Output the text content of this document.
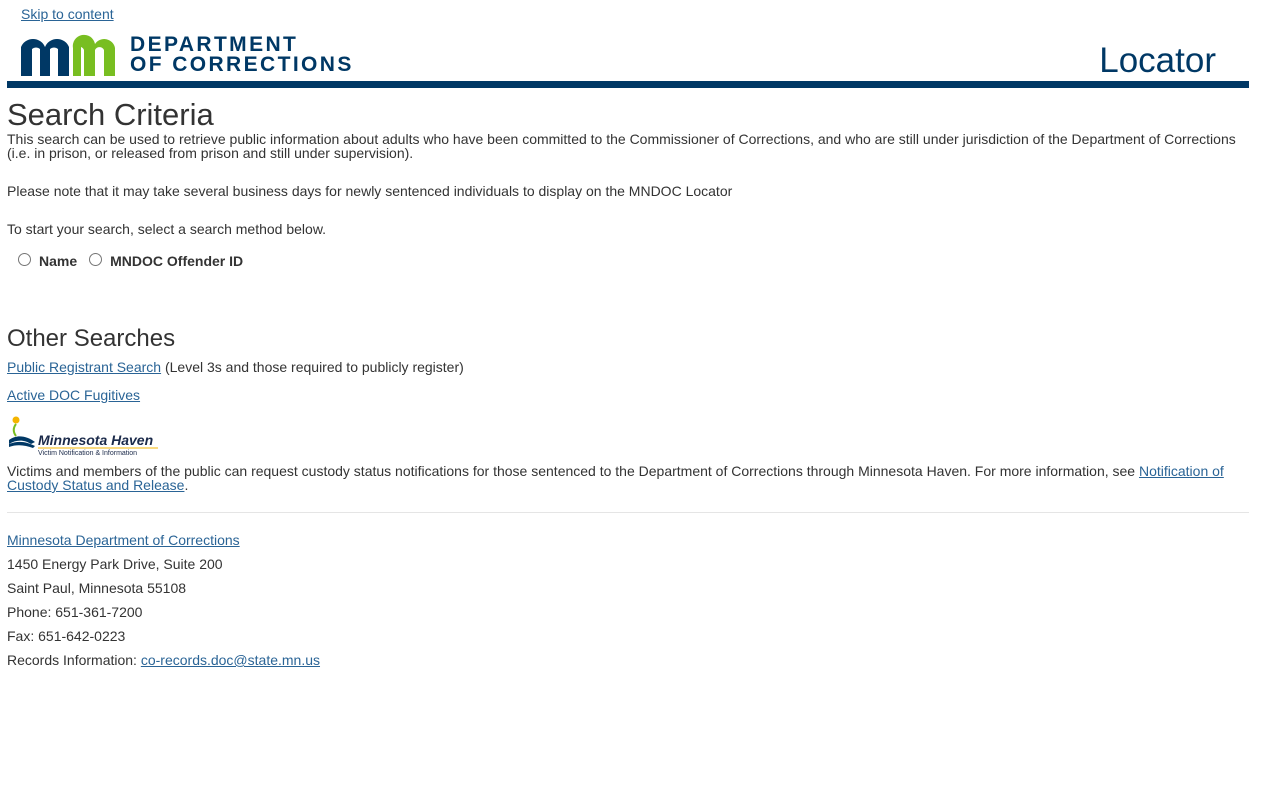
Skip to content
DEPARTMENT
OF CORRECTIONS	Locator
Search Criteria

This search can be used to retrieve public information about adults who have been committed to the Commissioner of Corrections, and who are still under jurisdiction of the Department of Corrections (i.e. in prison, or released from prison and still under supervision).

Please note that it may take several business days for newly sentenced individuals to display on the MNDOC Locator

To start your search, select a search method below.

Name MNDOC Offender ID
Other Searches

Public Registrant Search (Level 3s and those required to publicly register)

Active DOC Fugitives

Minnesota Haven
Victim Notification & Information

Victims and members of the public can request custody status notifications for those sentenced to the Department of Corrections through Minnesota Haven. For more information, see Notification of Custody Status and Release.

Minnesota Department of Corrections

1450 Energy Park Drive, Suite 200

Saint Paul, Minnesota 55108

Phone: 651-361-7200

Fax: 651-642-0223

Records Information: co-records.doc@state.mn.us
